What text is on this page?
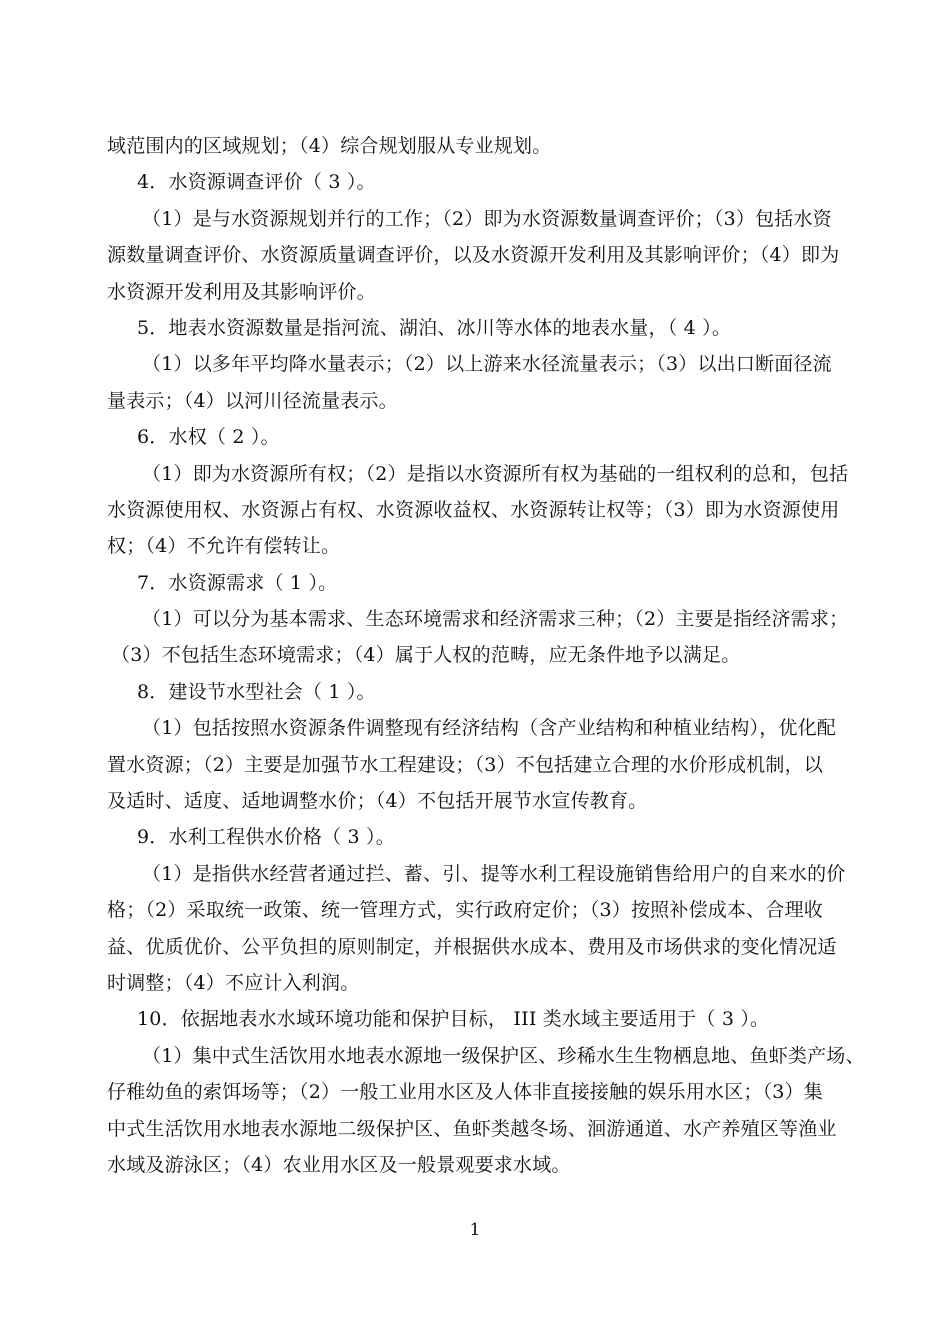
域范围内的区域规划；（4）综合规划服从专业规划。
4．水资源调查评价（ 3 ）。
（1）是与水资源规划并行的工作；（2）即为水资源数量调查评价；（3）包括水资
源数量调查评价、水资源质量调查评价，以及水资源开发利用及其影响评价；（4）即为
水资源开发利用及其影响评价。
5．地表水资源数量是指河流、湖泊、冰川等水体的地表水量，（ 4 ）。
（1）以多年平均降水量表示；（2）以上游来水径流量表示；（3）以出口断面径流
量表示；（4）以河川径流量表示。
6．水权（ 2 ）。
（1）即为水资源所有权；（2）是指以水资源所有权为基础的一组权利的总和，包括
水资源使用权、水资源占有权、水资源收益权、水资源转让权等；（3）即为水资源使用
权；（4）不允许有偿转让。
7．水资源需求（ 1 ）。
（1）可以分为基本需求、生态环境需求和经济需求三种；（2）主要是指经济需求；
（3）不包括生态环境需求；（4）属于人权的范畴，应无条件地予以满足。
8．建设节水型社会（ 1 ）。
（1）包括按照水资源条件调整现有经济结构（含产业结构和种植业结构），优化配
置水资源；（2）主要是加强节水工程建设；（3）不包括建立合理的水价形成机制，以
及适时、适度、适地调整水价；（4）不包括开展节水宣传教育。
9．水利工程供水价格（ 3 ）。
（1）是指供水经营者通过拦、蓄、引、提等水利工程设施销售给用户的自来水的价
格；（2）采取统一政策、统一管理方式，实行政府定价；（3）按照补偿成本、合理收
益、优质优价、公平负担的原则制定，并根据供水成本、费用及市场供求的变化情况适
时调整；（4）不应计入利润。
10．依据地表水水域环境功能和保护目标， III 类水域主要适用于（ 3 ）。
（1）集中式生活饮用水地表水源地一级保护区、珍稀水生生物栖息地、鱼虾类产场、
仔稚幼鱼的索饵场等；（2）一般工业用水区及人体非直接接触的娱乐用水区；（3）集
中式生活饮用水地表水源地二级保护区、鱼虾类越冬场、洄游通道、水产养殖区等渔业
水域及游泳区；（4）农业用水区及一般景观要求水域。
1
